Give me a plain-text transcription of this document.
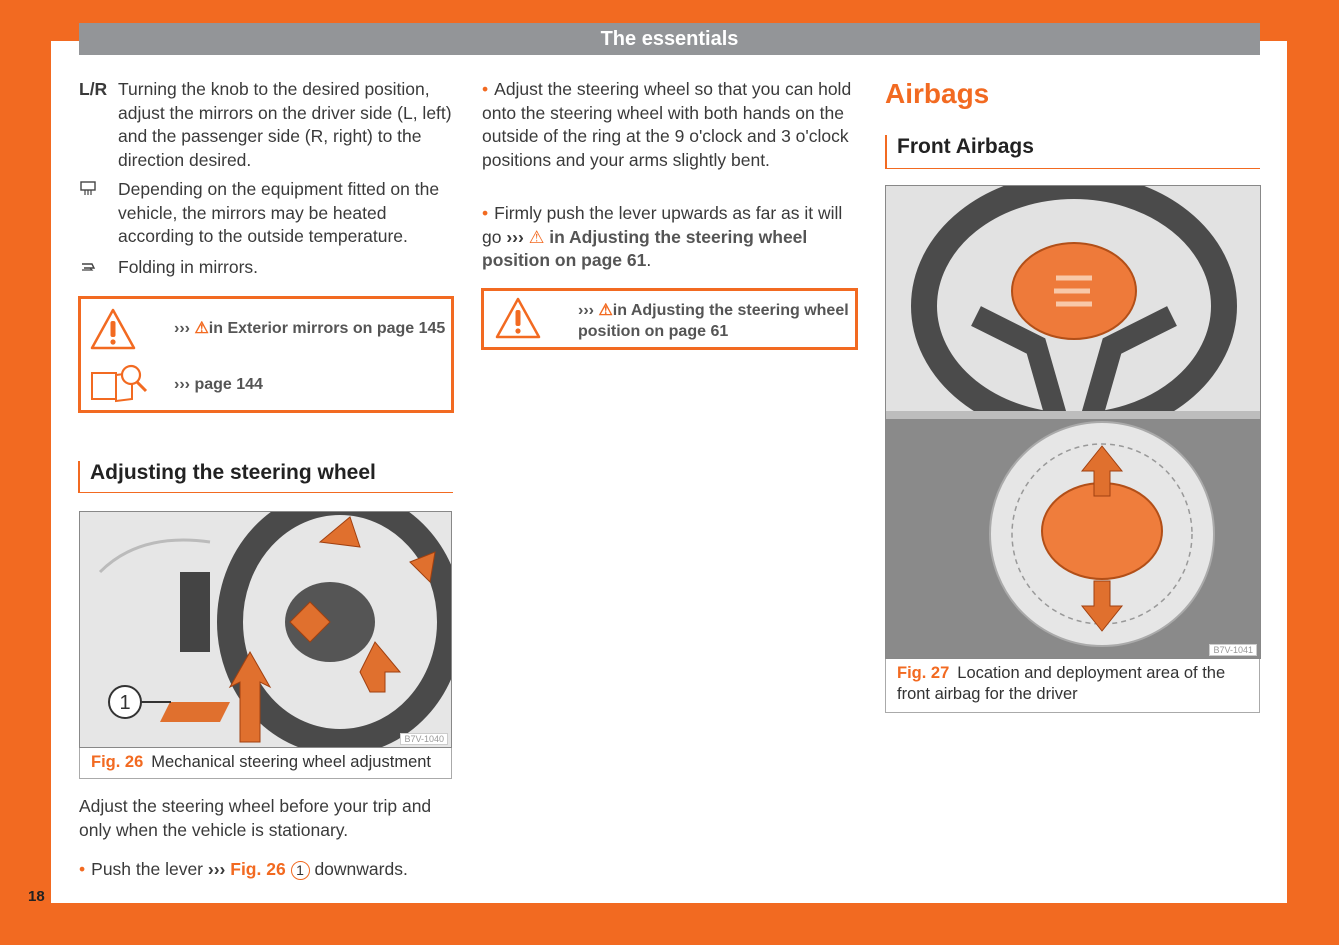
The essentials
18
L/R Turning the knob to the desired position, adjust the mirrors on the driver side (L, left) and the passenger side (R, right) to the direction desired.
Depending on the equipment fitted on the vehicle, the mirrors may be heated according to the outside temperature.
Folding in mirrors.
›››
⚠ in Exterior mirrors on page 145
›››
page 144
Adjusting the steering wheel
1
B7V-1040
Fig. 26 Mechanical steering wheel adjustment
Adjust the steering wheel before your trip and only when the vehicle is stationary.
• Push the lever ››› Fig. 26 1 downwards.
• Adjust the steering wheel so that you can hold onto the steering wheel with both hands on the outside of the ring at the 9 o'clock and 3 o'clock positions and your arms slightly bent.
• Firmly push the lever upwards as far as it will go ››› ⚠ in Adjusting the steering wheel position on page 61.
››› ⚠in Adjusting the steering wheel position on page 61
Airbags
Front Airbags
B7V-1041
Fig. 27 Location and deployment area of the front airbag for the driver
